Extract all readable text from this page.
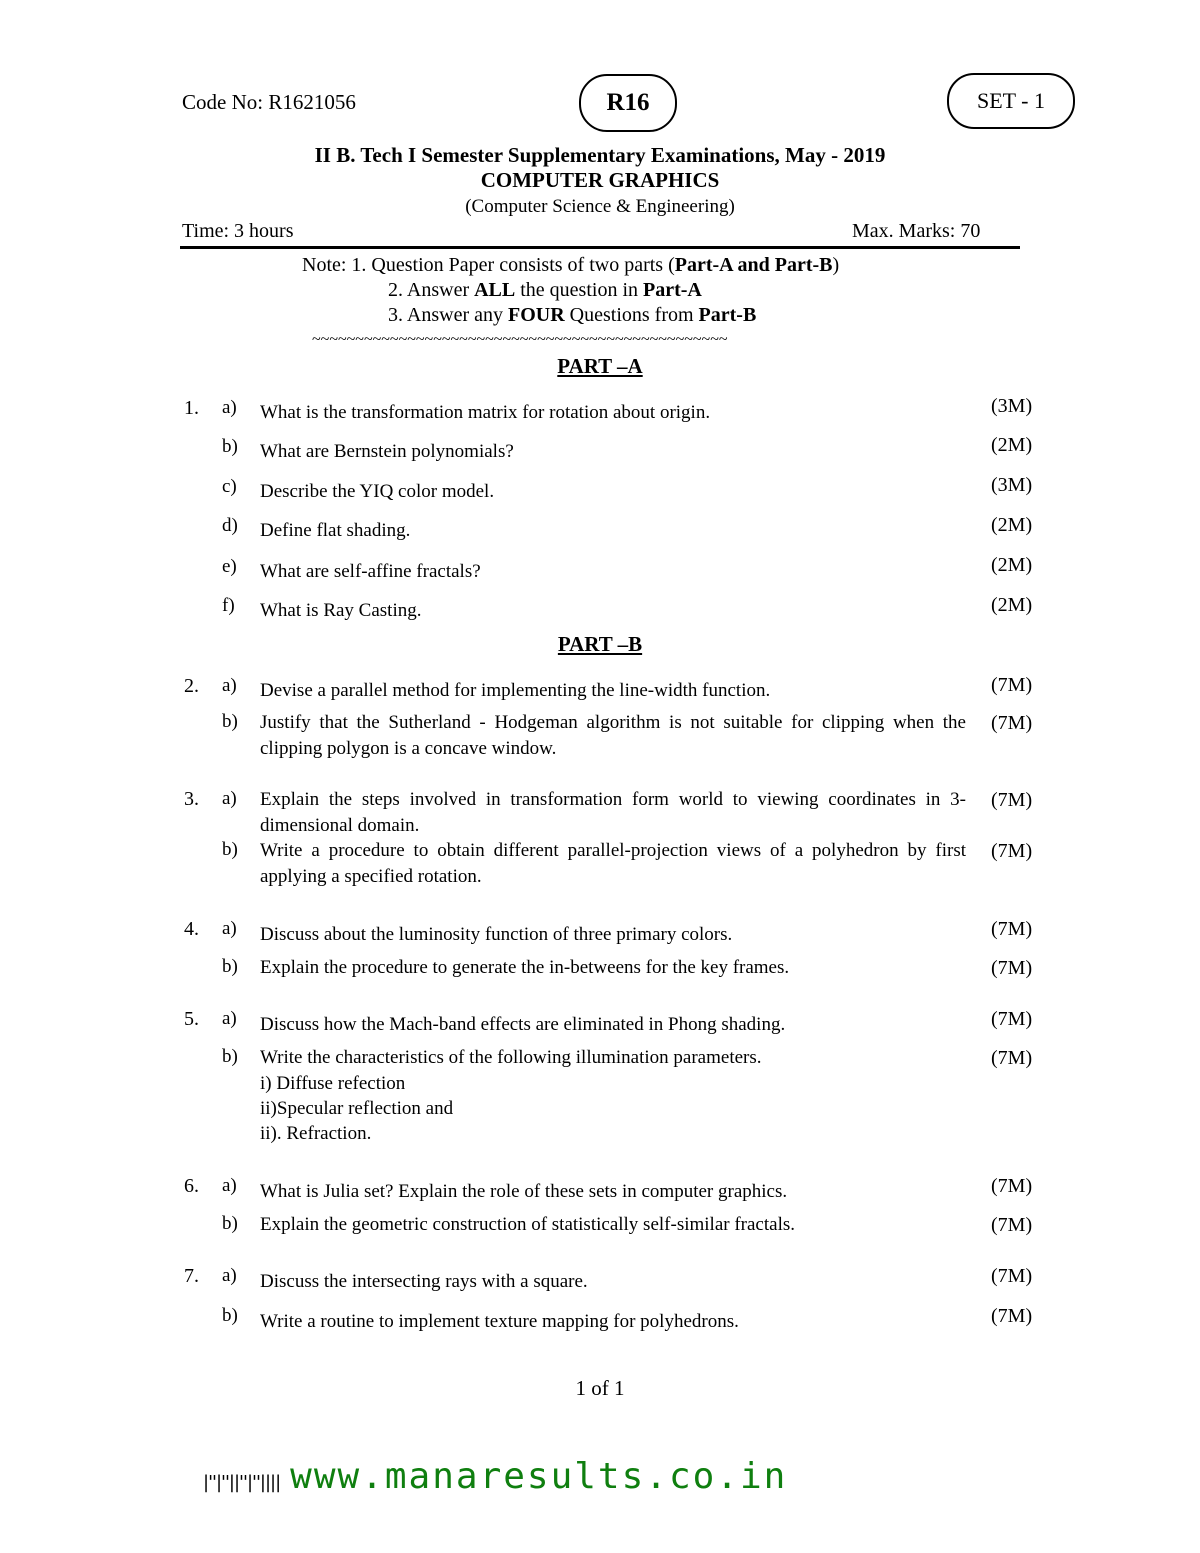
Code No: R1621056	R16	SET - 1
II B. Tech I Semester Supplementary Examinations, May - 2019
COMPUTER GRAPHICS
(Computer Science & Engineering)
Time: 3 hours	Max. Marks: 70
Note: 1. Question Paper consists of two parts (Part-A and Part-B)
2. Answer ALL the question in Part-A
3. Answer any FOUR Questions from Part-B
~~~~~~~~~~~~~~~~~~~~~~~~~~~~~~~~~~~~~~~~~~~~~~~~
PART –A
1. a) What is the transformation matrix for rotation about origin.	(3M)
b) What are Bernstein polynomials?	(2M)
c) Describe the YIQ color model.	(3M)
d) Define flat shading.	(2M)
e) What are self-affine fractals?	(2M)
f) What is Ray Casting.	(2M)
PART –B
2. a) Devise a parallel method for implementing the line-width function.	(7M)
b) Justify that the Sutherland - Hodgeman algorithm is not suitable for clipping when the clipping polygon is a concave window.
(7M)
3. a) Explain the steps involved in transformation form world to viewing coordinates in 3-dimensional domain.
(7M)
b) Write a procedure to obtain different parallel-projection views of a polyhedron by first applying a specified rotation.
(7M)
4. a) Discuss about the luminosity function of three primary colors.	(7M)
b) Explain the procedure to generate the in-betweens for the key frames.	(7M)
5. a) Discuss how the Mach-band effects are eliminated in Phong shading.	(7M)
b) Write the characteristics of the following illumination parameters.	(7M)
i) Diffuse refection
ii)Specular reflection and
ii). Refraction.
6. a) What is Julia set? Explain the role of these sets in computer graphics.	(7M)
b) Explain the geometric construction of statistically self-similar fractals.	(7M)
7. a) Discuss the intersecting rays with a square.	(7M)
b) Write a routine to implement texture mapping for polyhedrons.	(7M)
1 of 1
|''|''||''|''|||| www.manaresults.co.in
